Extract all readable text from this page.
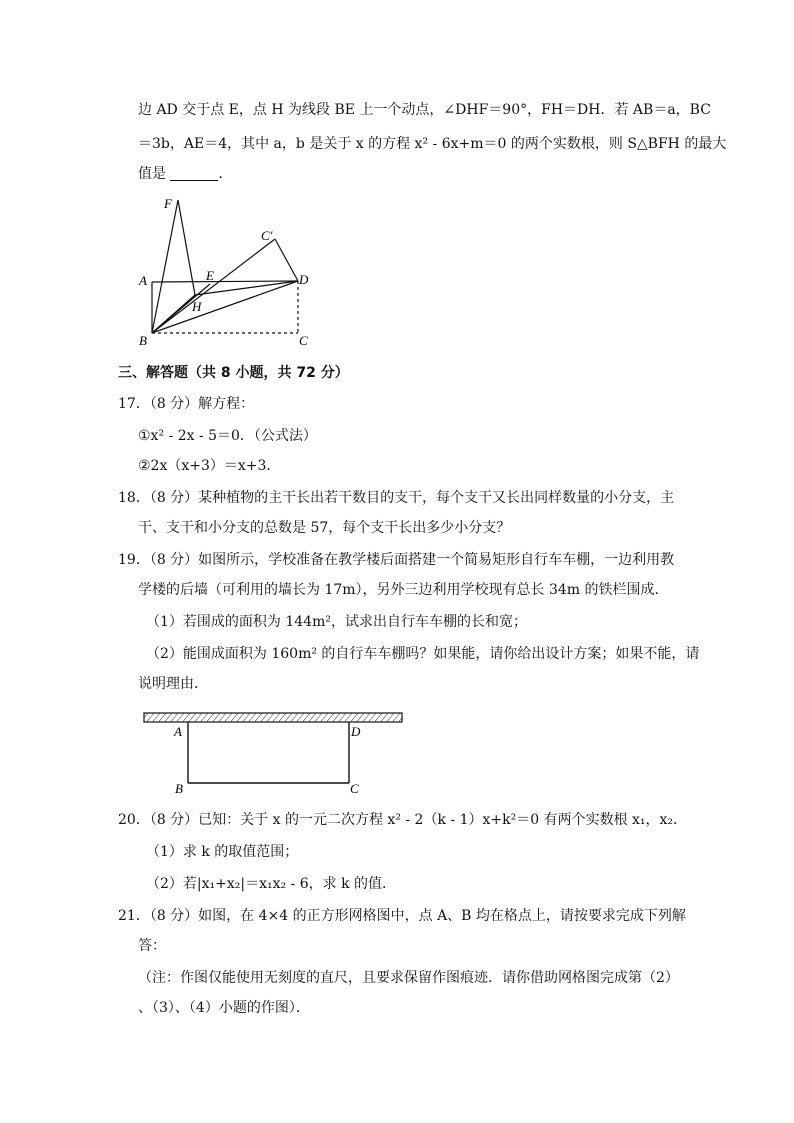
边 AD 交于点 E，点 H 为线段 BE 上一个动点，∠DHF＝90°，FH＝DH．若 AB＝a，BC
＝3b，AE＝4，其中 a，b 是关于 x 的方程 x² - 6x+m＝0 的两个实数根，则 S△BFH 的最大
值是	．
F
A	E	D
C′
H
B	C
三、解答题（共 8 小题，共 72 分）
17．（8 分）解方程：
①x² - 2x - 5＝0．（公式法）
②2x（x+3）＝x+3．
18．（8 分）某种植物的主干长出若干数目的支干，每个支干又长出同样数量的小分支，主
干、支干和小分支的总数是 57，每个支干长出多少小分支？
19．（8 分）如图所示，学校准备在教学楼后面搭建一个简易矩形自行车车棚，一边利用教
学楼的后墙（可利用的墙长为 17m），另外三边利用学校现有总长 34m 的铁栏围成．
（1）若围成的面积为 144m²，试求出自行车车棚的长和宽；
（2）能围成面积为 160m² 的自行车车棚吗？如果能，请你给出设计方案；如果不能，请
说明理由．
A	D
B	C
20．（8 分）已知：关于 x 的一元二次方程 x² - 2（k - 1）x+k²＝0 有两个实数根 x₁，x₂．
（1）求 k 的取值范围；
（2）若|x₁+x₂|＝x₁x₂ - 6，求 k 的值．
21．（8 分）如图，在 4×4 的正方形网格图中，点 A、B 均在格点上，请按要求完成下列解
答：
（注：作图仅能使用无刻度的直尺，且要求保留作图痕迹．请你借助网格图完成第（2）
、（3）、（4）小题的作图）．
